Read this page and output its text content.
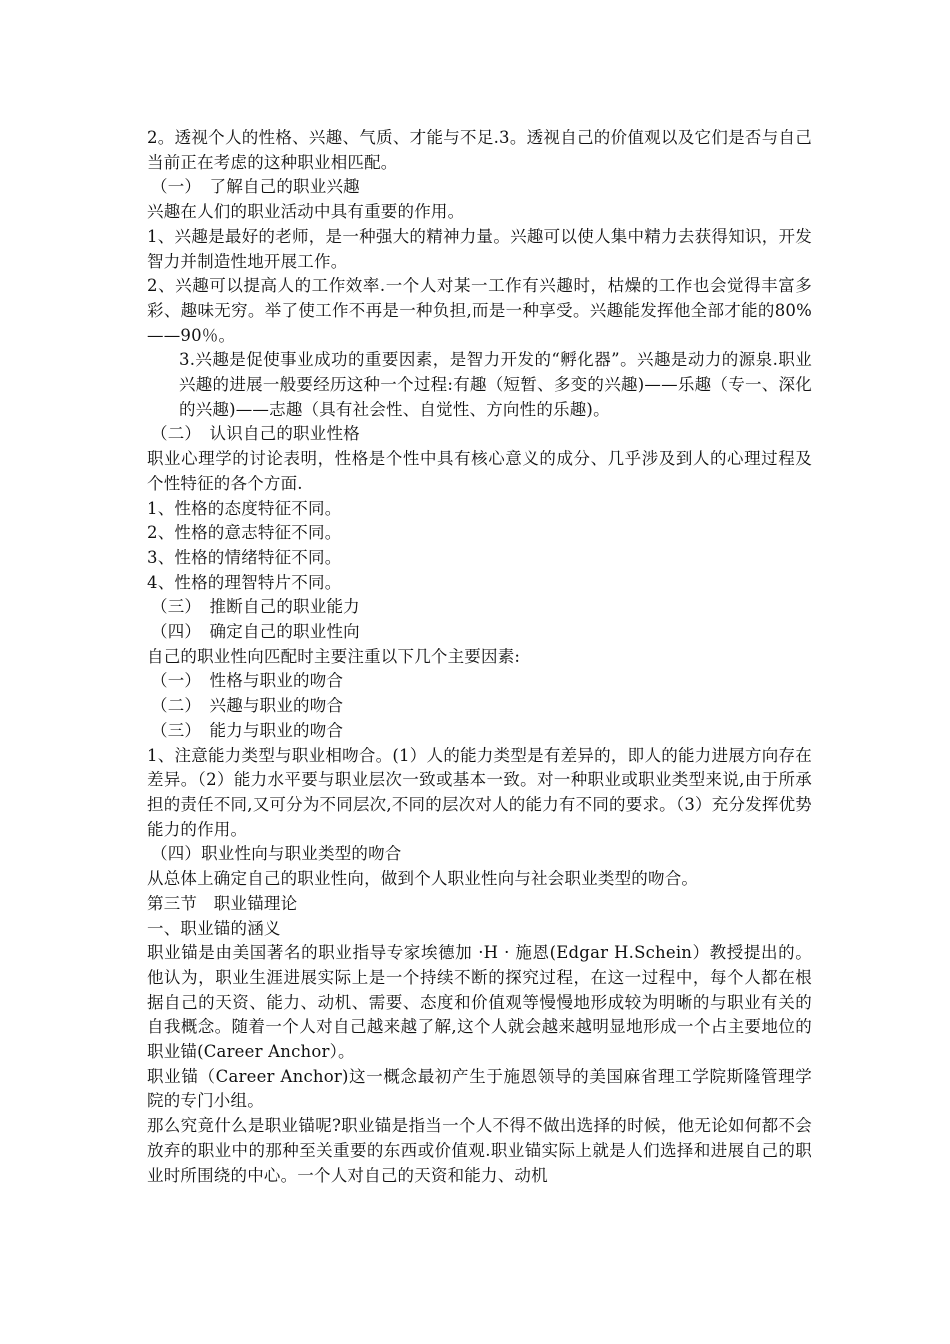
2。透视个人的性格、兴趣、气质、才能与不足.3。透视自己的价值观以及它们是否与自己当前正在考虑的这种职业相匹配。

（一）　了解自己的职业兴趣

兴趣在人们的职业活动中具有重要的作用。

1、兴趣是最好的老师，是一种强大的精神力量。兴趣可以使人集中精力去获得知识，开发智力并制造性地开展工作。

2、兴趣可以提高人的工作效率.一个人对某一工作有兴趣时，枯燥的工作也会觉得丰富多彩、趣味无穷。举了使工作不再是一种负担,而是一种享受。兴趣能发挥他全部才能的80%——90％。

3.兴趣是促使事业成功的重要因素，是智力开发的“孵化器”。兴趣是动力的源泉.职业兴趣的进展一般要经历这种一个过程:有趣（短暂、多变的兴趣)——乐趣（专一、深化的兴趣)——志趣（具有社会性、自觉性、方向性的乐趣)。

（二）　认识自己的职业性格

职业心理学的讨论表明，性格是个性中具有核心意义的成分、几乎涉及到人的心理过程及个性特征的各个方面.

1、性格的态度特征不同。

2、性格的意志特征不同。

3、性格的情绪特征不同。

4、性格的理智特片不同。

（三）　推断自己的职业能力

（四）　确定自己的职业性向

自己的职业性向匹配时主要注重以下几个主要因素:

（一）　性格与职业的吻合

（二）　兴趣与职业的吻合

（三）　能力与职业的吻合

1、注意能力类型与职业相吻合。(1）人的能力类型是有差异的，即人的能力进展方向存在差异。（2）能力水平要与职业层次一致或基本一致。对一种职业或职业类型来说,由于所承担的责任不同,又可分为不同层次,不同的层次对人的能力有不同的要求。（3）充分发挥优势能力的作用。

（四）职业性向与职业类型的吻合

从总体上确定自己的职业性向，做到个人职业性向与社会职业类型的吻合。

第三节　职业锚理论

一、职业锚的涵义

职业锚是由美国著名的职业指导专家埃德加 ·H · 施恩(Edgar H.Schein）教授提出的。他认为，职业生涯进展实际上是一个持续不断的探究过程，在这一过程中，每个人都在根据自己的天资、能力、动机、需要、态度和价值观等慢慢地形成较为明晰的与职业有关的自我概念。随着一个人对自己越来越了解,这个人就会越来越明显地形成一个占主要地位的职业锚(Career Anchor）。

职业锚（Career Anchor)这一概念最初产生于施恩领导的美国麻省理工学院斯隆管理学院的专门小组。

那么究竟什么是职业锚呢?职业锚是指当一个人不得不做出选择的时候，他无论如何都不会放弃的职业中的那种至关重要的东西或价值观.职业锚实际上就是人们选择和进展自己的职业时所围绕的中心。一个人对自己的天资和能力、动机
